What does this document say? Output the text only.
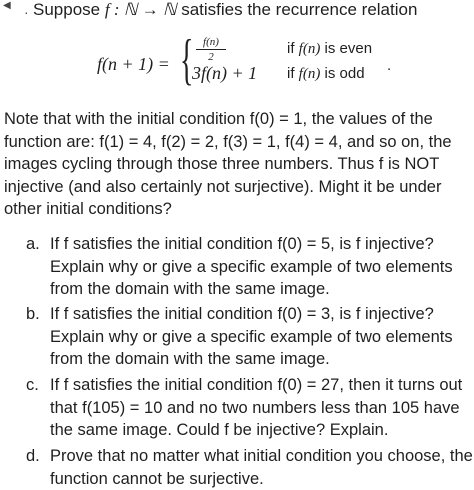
◀ · Suppose f : ℕ → ℕ satisfies the recurrence relation
f(n + 1) = { $\frac{f(n)}{2}$
3f(n) + 1
if f(n) is even
if f(n) is odd .
Note that with the initial condition f(0) = 1, the values of the
function are: f(1) = 4, f(2) = 2, f(3) = 1, f(4) = 4, and so on, the
images cycling through those three numbers. Thus f is NOT
injective (and also certainly not surjective). Might it be under
other initial conditions?
a. If f satisfies the initial condition f(0) = 5, is f injective?
Explain why or give a specific example of two elements
from the domain with the same image.
b. If f satisfies the initial condition f(0) = 3, is f injective?
Explain why or give a specific example of two elements
from the domain with the same image.
c. If f satisfies the initial condition f(0) = 27, then it turns out
that f(105) = 10 and no two numbers less than 105 have
the same image. Could f be injective? Explain.
d. Prove that no matter what initial condition you choose, the
function cannot be surjective.
